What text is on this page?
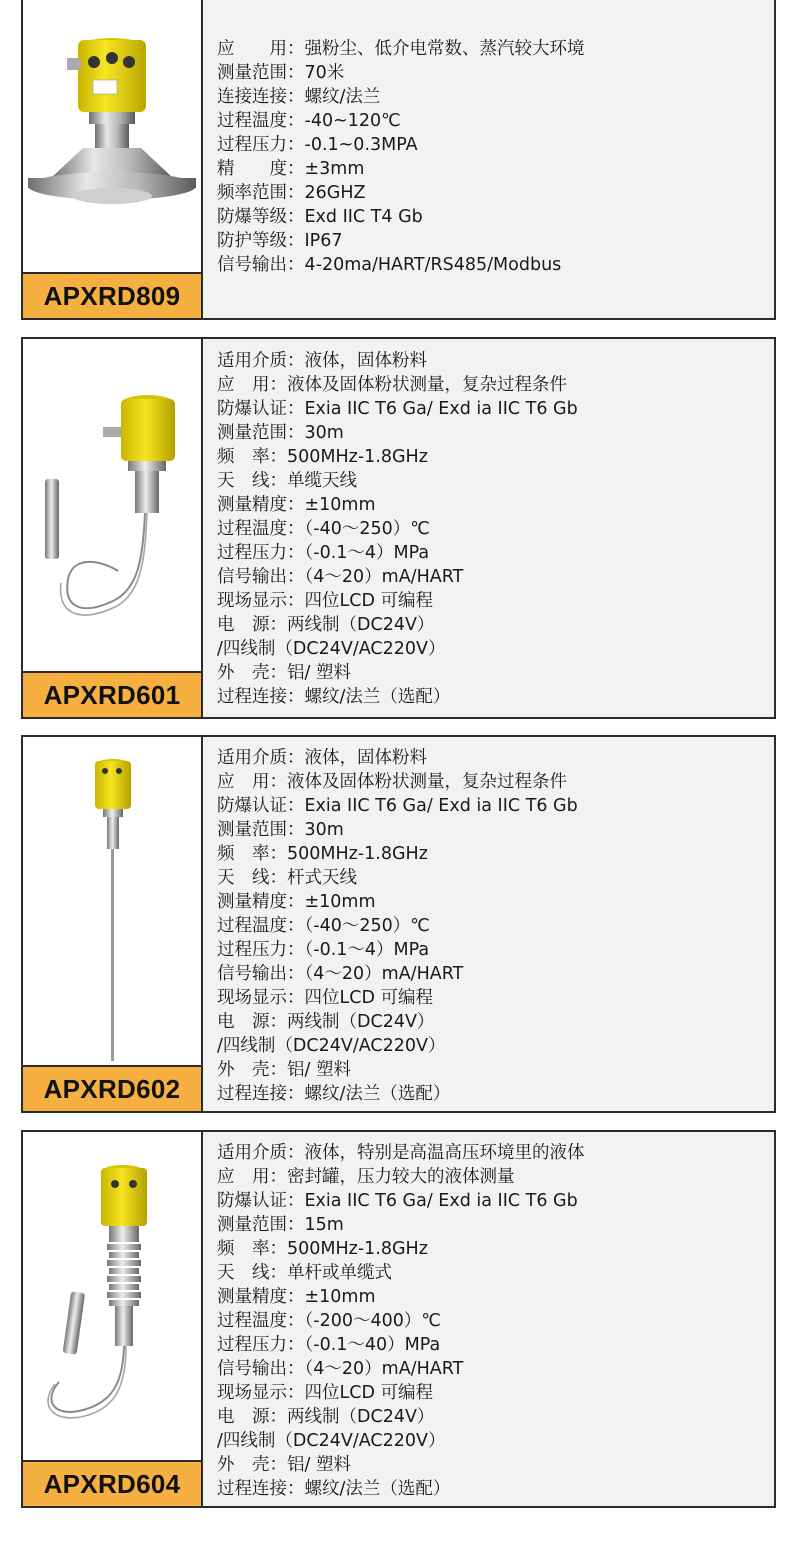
APXRD809
应　　用：强粉尘、低介电常数、蒸汽较大环境
测量范围：70米
连接连接：螺纹/法兰
过程温度：-40~120℃
过程压力：-0.1~0.3MPA
精　　度：±3mm
频率范围：26GHZ
防爆等级：Exd IIC T4 Gb
防护等级：IP67
信号输出：4-20ma/HART/RS485/Modbus
APXRD601
适用介质：液体，固体粉料
应　用：液体及固体粉状测量，复杂过程条件
防爆认证：Exia IIC T6 Ga/ Exd ia IIC T6 Gb
测量范围：30m
频　率：500MHz-1.8GHz
天　线：单缆天线
测量精度：±10mm
过程温度：（-40～250）℃
过程压力：（-0.1～4）MPa
信号输出：（4～20）mA/HART
现场显示：四位LCD 可编程
电　源：两线制（DC24V）
/四线制（DC24V/AC220V）
外　壳：铝/ 塑料
过程连接：螺纹/法兰（选配）
APXRD602
适用介质：液体，固体粉料
应　用：液体及固体粉状测量，复杂过程条件
防爆认证：Exia IIC T6 Ga/ Exd ia IIC T6 Gb
测量范围：30m
频　率：500MHz-1.8GHz
天　线：杆式天线
测量精度：±10mm
过程温度：（-40～250）℃
过程压力：（-0.1～4）MPa
信号输出：（4～20）mA/HART
现场显示：四位LCD 可编程
电　源：两线制（DC24V）
/四线制（DC24V/AC220V）
外　壳：铝/ 塑料
过程连接：螺纹/法兰（选配）
APXRD604
适用介质：液体，特别是高温高压环境里的液体
应　用：密封罐，压力较大的液体测量
防爆认证：Exia IIC T6 Ga/ Exd ia IIC T6 Gb
测量范围：15m
频　率：500MHz-1.8GHz
天　线：单杆或单缆式
测量精度：±10mm
过程温度：（-200～400）℃
过程压力：（-0.1～40）MPa
信号输出：（4～20）mA/HART
现场显示：四位LCD 可编程
电　源：两线制（DC24V）
/四线制（DC24V/AC220V）
外　壳：铝/ 塑料
过程连接：螺纹/法兰（选配）
